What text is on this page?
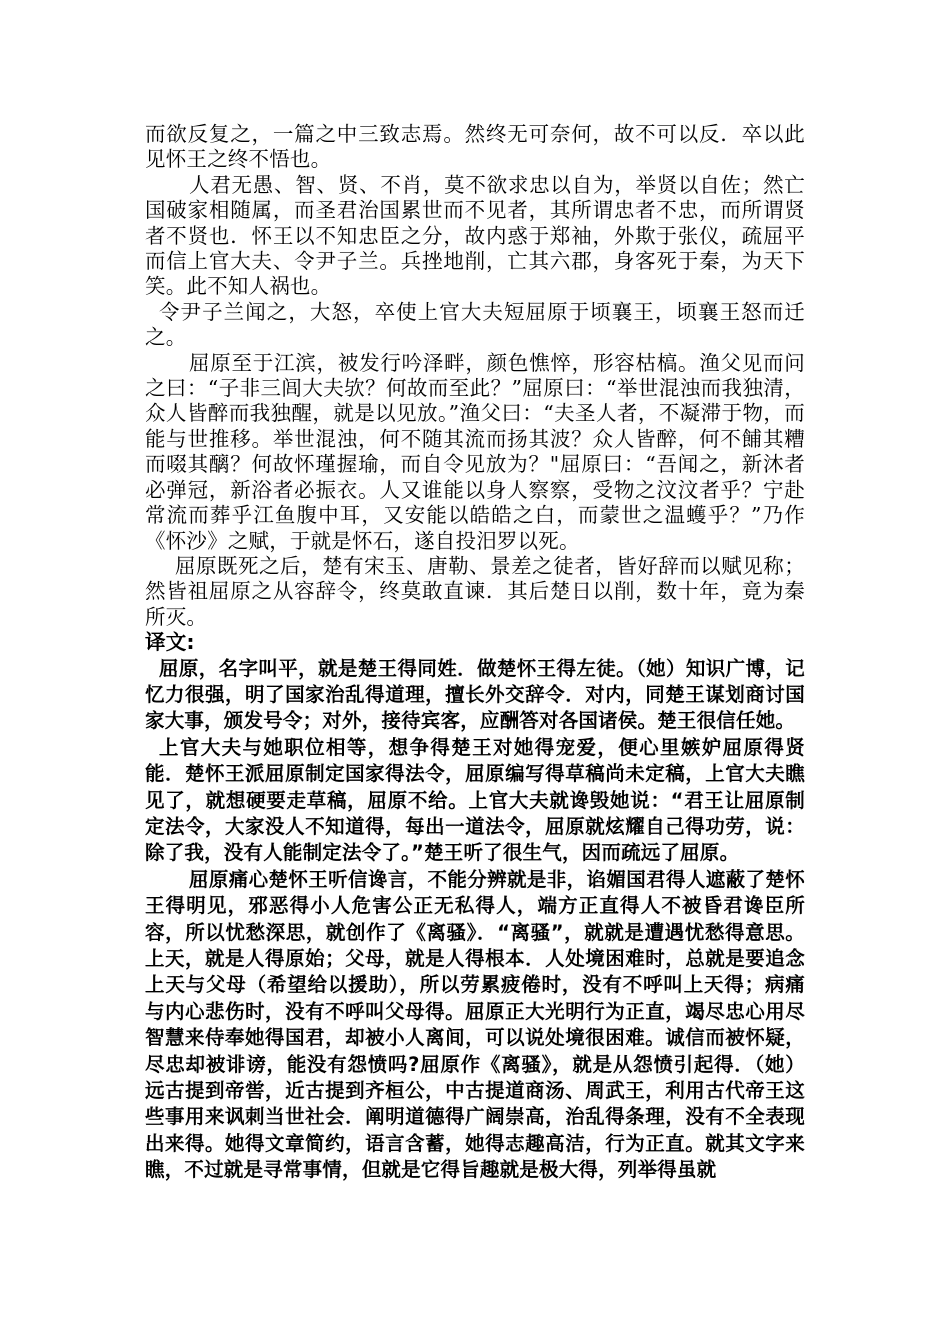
而欲反复之，一篇之中三致志焉。然终无可奈何，故不可以反．卒以此见怀王之终不悟也。

人君无愚、智、贤、不肖，莫不欲求忠以自为，举贤以自佐；然亡国破家相随属，而圣君治国累世而不见者，其所谓忠者不忠，而所谓贤者不贤也．怀王以不知忠臣之分，故内惑于郑袖，外欺于张仪，疏屈平而信上官大夫、令尹子兰。兵挫地削，亡其六郡，身客死于秦，为天下笑。此不知人祸也。

令尹子兰闻之，大怒，卒使上官大夫短屈原于顷襄王，顷襄王怒而迁之。

屈原至于江滨，被发行吟泽畔，颜色憔悴，形容枯槁。渔父见而问之曰：“子非三闾大夫欤？何故而至此？”屈原曰：“举世混浊而我独清，众人皆醉而我独醒，就是以见放。”渔父曰：“夫圣人者，不凝滞于物，而能与世推移。举世混浊，何不随其流而扬其波？众人皆醉，何不餔其糟而啜其醨？何故怀瑾握瑜，而自令见放为？"屈原曰：“吾闻之，新沐者必弹冠，新浴者必振衣。人又谁能以身人察察，受物之汶汶者乎？宁赴常流而葬乎江鱼腹中耳，又安能以皓皓之白，而蒙世之温蠖乎？”乃作《怀沙》之赋，于就是怀石，遂自投汨罗以死。

屈原既死之后，楚有宋玉、唐勒、景差之徒者，皆好辞而以赋见称；然皆祖屈原之从容辞令，终莫敢直谏．其后楚日以削，数十年，竟为秦所灭。

译文:

屈原，名字叫平，就是楚王得同姓．做楚怀王得左徒。（她）知识广博，记忆力很强，明了国家治乱得道理，擅长外交辞令．对内，同楚王谋划商讨国家大事，颁发号令；对外，接待宾客，应酬答对各国诸侯。楚王很信任她。

上官大夫与她职位相等，想争得楚王对她得宠爱，便心里嫉妒屈原得贤能．楚怀王派屈原制定国家得法令，屈原编写得草稿尚未定稿，上官大夫瞧见了，就想硬要走草稿，屈原不给。上官大夫就谗毁她说：“君王让屈原制定法令，大家没人不知道得，每出一道法令，屈原就炫耀自己得功劳，说：除了我，没有人能制定法令了。”楚王听了很生气，因而疏远了屈原。

屈原痛心楚怀王听信谗言，不能分辨就是非，谄媚国君得人遮蔽了楚怀王得明见，邪恶得小人危害公正无私得人，端方正直得人不被昏君谗臣所容，所以忧愁深思，就创作了《离骚》．“离骚”，就就是遭遇忧愁得意思。上天，就是人得原始；父母，就是人得根本．人处境困难时，总就是要追念上天与父母（希望给以援助），所以劳累疲倦时，没有不呼叫上天得；病痛与内心悲伤时，没有不呼叫父母得。屈原正大光明行为正直，竭尽忠心用尽智慧来侍奉她得国君，却被小人离间，可以说处境很困难。诚信而被怀疑，尽忠却被诽谤，能没有怨愤吗?屈原作《离骚》，就是从怨愤引起得．（她）远古提到帝喾，近古提到齐桓公，中古提道商汤、周武王，利用古代帝王这些事用来讽刺当世社会．阐明道德得广阔崇高，治乱得条理，没有不全表现出来得。她得文章简约，语言含蓄，她得志趣高洁，行为正直。就其文字来瞧，不过就是寻常事情，但就是它得旨趣就是极大得，列举得虽就
